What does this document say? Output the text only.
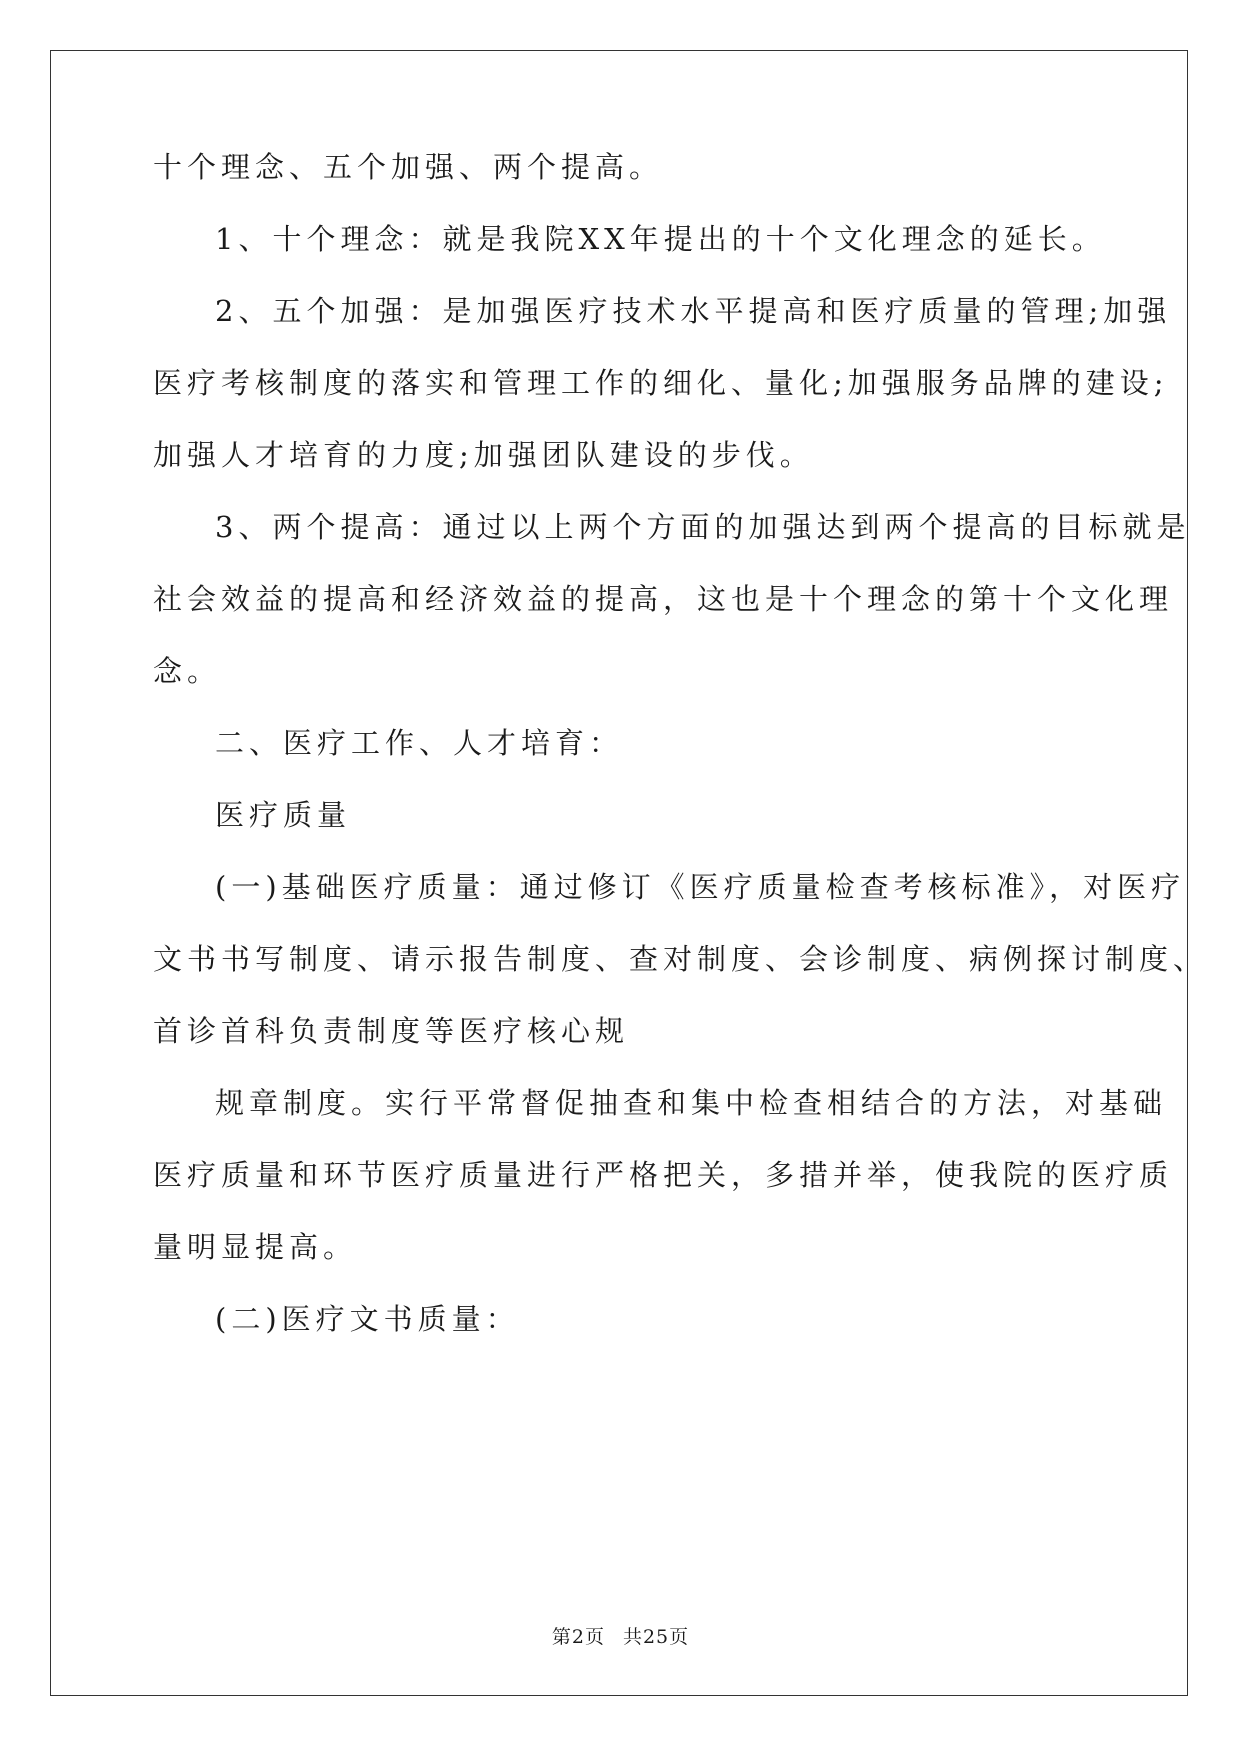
十个理念、五个加强、两个提高。
1、十个理念：就是我院XX年提出的十个文化理念的延长。
2、五个加强：是加强医疗技术水平提高和医疗质量的管理;加强
医疗考核制度的落实和管理工作的细化、量化;加强服务品牌的建设;
加强人才培育的力度;加强团队建设的步伐。
3、两个提高：通过以上两个方面的加强达到两个提高的目标就是
社会效益的提高和经济效益的提高，这也是十个理念的第十个文化理
念。
二、医疗工作、人才培育：
医疗质量
(一)基础医疗质量：通过修订《医疗质量检查考核标准》，对医疗
文书书写制度、请示报告制度、查对制度、会诊制度、病例探讨制度、
首诊首科负责制度等医疗核心规
规章制度。实行平常督促抽查和集中检查相结合的方法，对基础
医疗质量和环节医疗质量进行严格把关，多措并举，使我院的医疗质
量明显提高。
(二)医疗文书质量：
第2页 共25页
